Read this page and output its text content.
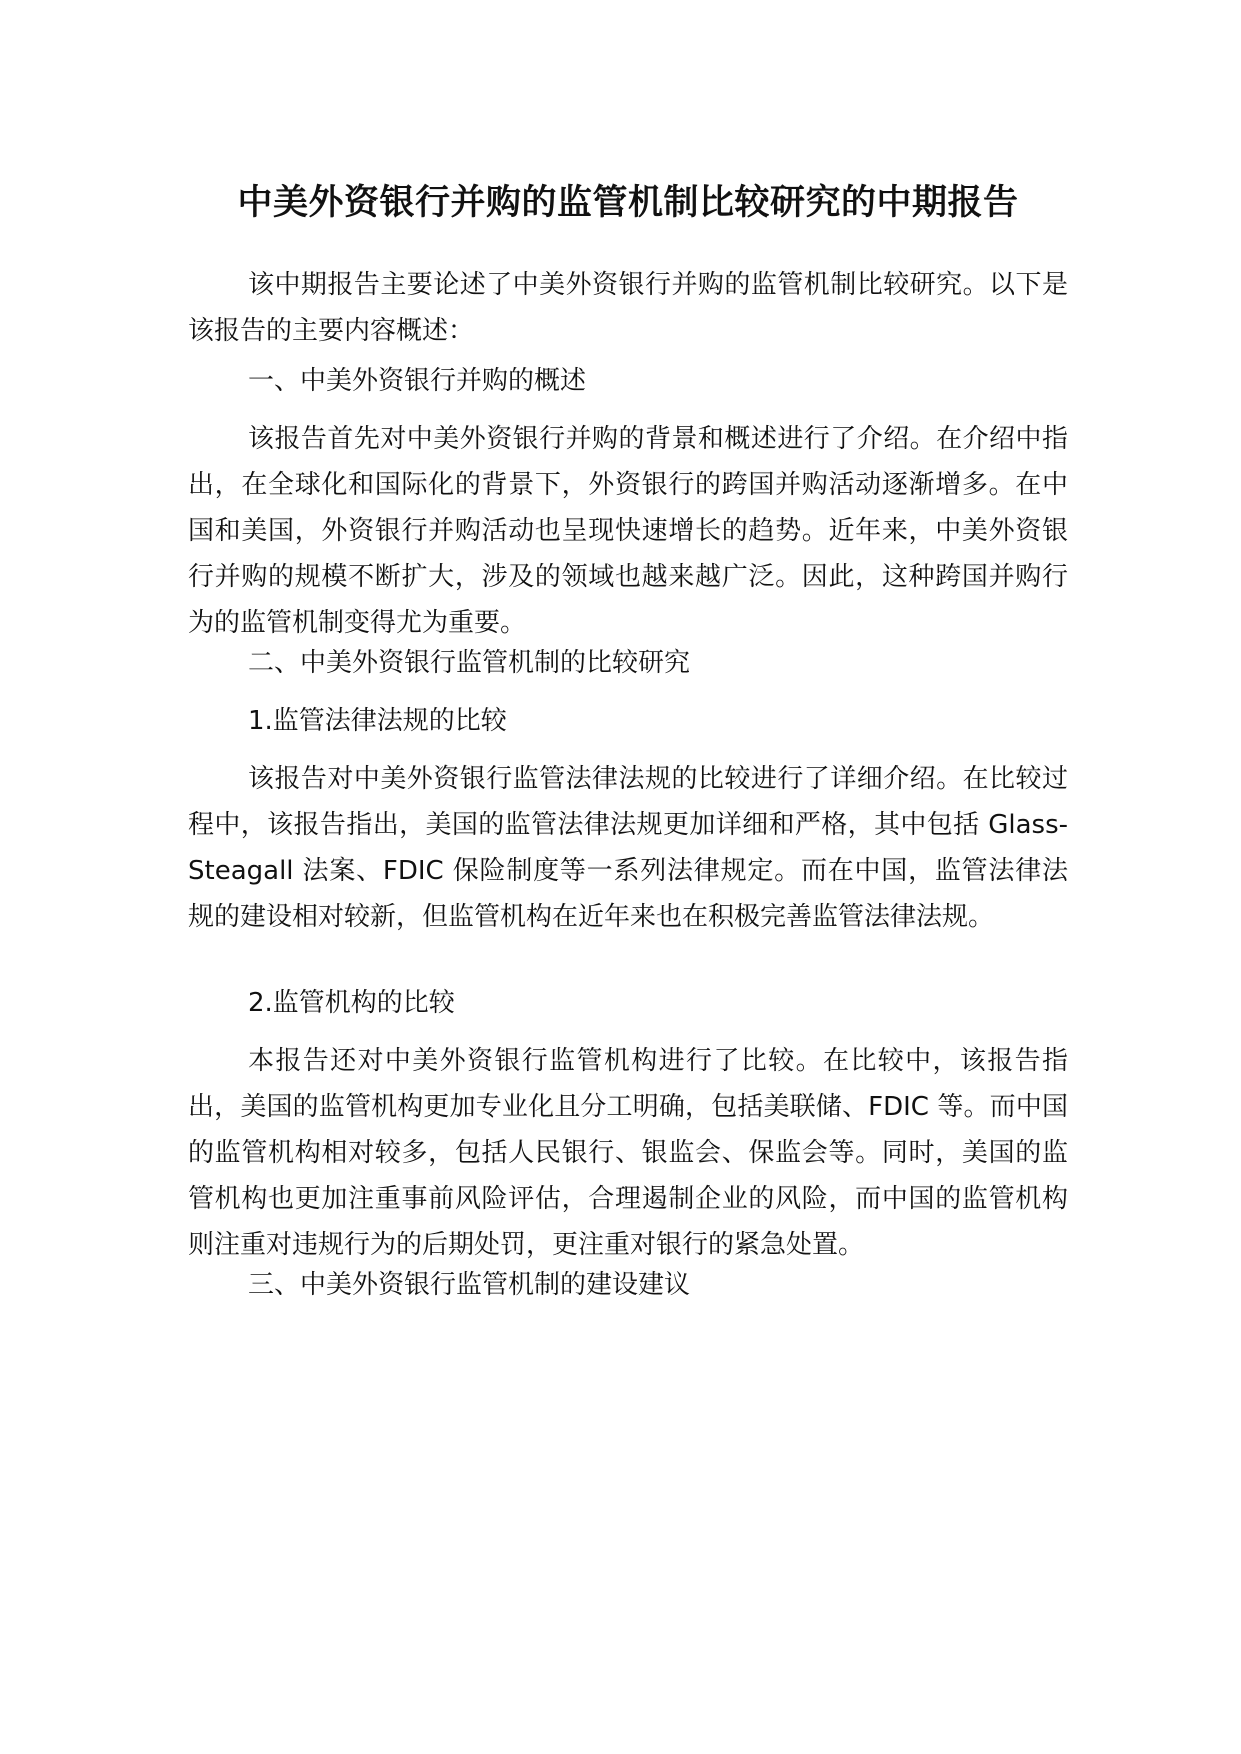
中美外资银行并购的监管机制比较研究的中期报告

该中期报告主要论述了中美外资银行并购的监管机制比较研究。以下是该报告的主要内容概述：

一、中美外资银行并购的概述

该报告首先对中美外资银行并购的背景和概述进行了介绍。在介绍中指出，在全球化和国际化的背景下，外资银行的跨国并购活动逐渐增多。在中国和美国，外资银行并购活动也呈现快速增长的趋势。近年来，中美外资银行并购的规模不断扩大，涉及的领域也越来越广泛。因此，这种跨国并购行为的监管机制变得尤为重要。

二、中美外资银行监管机制的比较研究

1.监管法律法规的比较

该报告对中美外资银行监管法律法规的比较进行了详细介绍。在比较过程中，该报告指出，美国的监管法律法规更加详细和严格，其中包括 Glass-Steagall 法案、FDIC 保险制度等一系列法律规定。而在中国，监管法律法规的建设相对较新，但监管机构在近年来也在积极完善监管法律法规。

2.监管机构的比较

本报告还对中美外资银行监管机构进行了比较。在比较中，该报告指出，美国的监管机构更加专业化且分工明确，包括美联储、FDIC 等。而中国的监管机构相对较多，包括人民银行、银监会、保监会等。同时，美国的监管机构也更加注重事前风险评估，合理遏制企业的风险，而中国的监管机构则注重对违规行为的后期处罚，更注重对银行的紧急处置。

三、中美外资银行监管机制的建设建议
